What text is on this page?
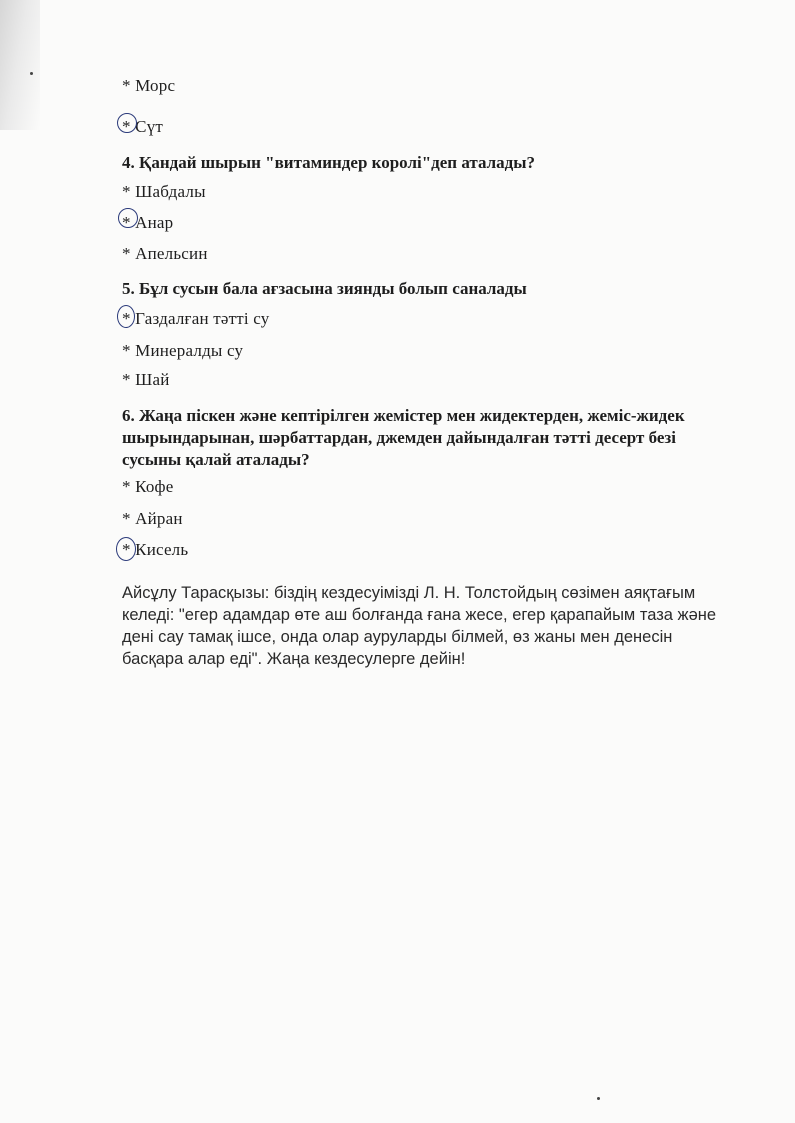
* Морс
* Сүт
4. Қандай шырын "витаминдер королі"деп аталады?
* Шабдалы
* Анар
* Апельсин
5. Бұл сусын бала ағзасына зиянды болып саналады
* Газдалған тәтті су
* Минералды су
* Шай
6. Жаңа піскен және кептірілген жемістер мен жидектерден, жеміс-жидек
шырындарынан, шәрбаттардан, джемден дайындалған тәтті десерт безі
сусыны қалай аталады?
* Кофе
* Айран
* Кисель
Айсұлу Тарасқызы: біздің кездесуімізді Л. Н. Толстойдың сөзімен аяқтағым
келеді: "егер адамдар өте аш болғанда ғана жесе, егер қарапайым таза және
дені сау тамақ ішсе, онда олар ауруларды білмей, өз жаны мен денесін
басқара алар еді". Жаңа кездесулерге дейін!
